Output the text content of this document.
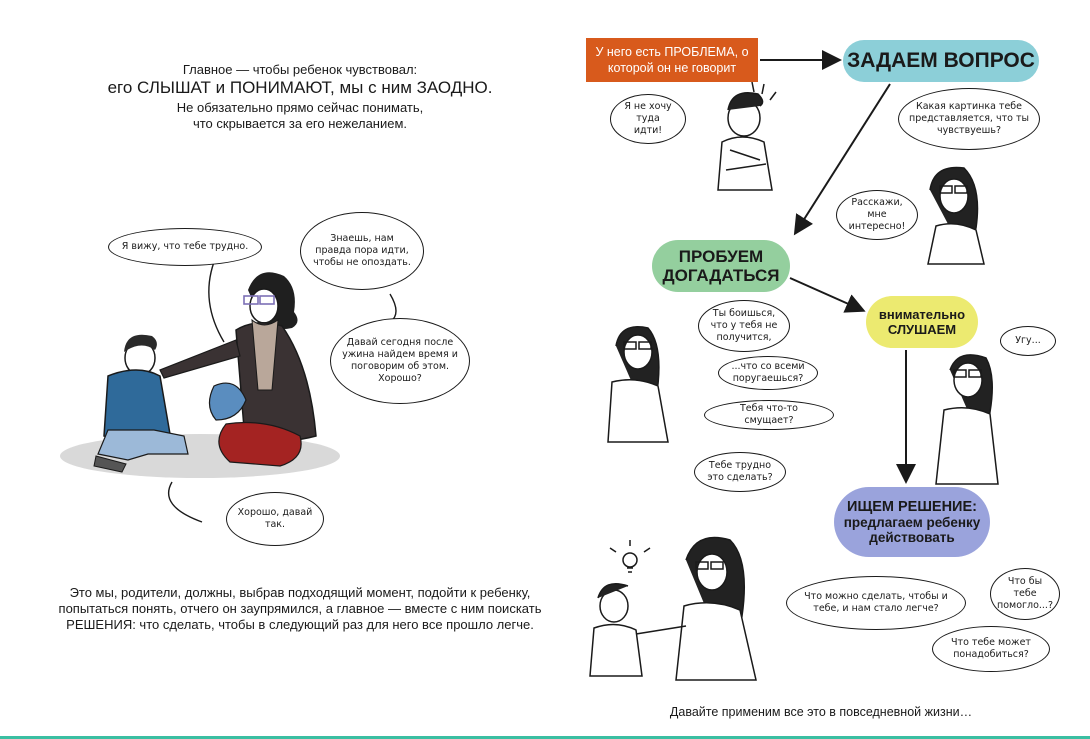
Главное — чтобы ребенок чувствовал:
его СЛЫШАТ и ПОНИМАЮТ, мы с ним ЗАОДНО.
Не обязательно прямо сейчас понимать,
что скрывается за его нежеланием.
Я вижу, что тебе трудно.
Знаешь, нам правда пора идти, чтобы не опоздать.
Давай сегодня после ужина найдем время и поговорим об этом. Хорошо?
Хорошо, давай так.
Это мы, родители, должны, выбрав подходящий момент, подойти к ребенку, попытаться понять, отчего он заупрямился, а главное — вместе с ним поискать РЕШЕНИЯ: что сделать, чтобы в следующий раз для него все прошло легче.
У него есть ПРОБЛЕМА, о которой он не говорит	ЗАДАЕМ ВОПРОС
ПРОБУЕМ ДОГАДАТЬСЯ
внимательно СЛУШАЕМ
ИЩЕМ РЕШЕНИЕ:
предлагаем ребенку действовать
Я не хочу туда идти!
Какая картинка тебе представляется, что ты чувствуешь?
Расскажи, мне интересно!
Ты боишься, что у тебя не получится,
...что со всеми поругаешься?
Тебя что-то смущает?
Тебе трудно это сделать?
Угу...
Что можно сделать, чтобы и тебе, и нам стало легче?
Что бы тебе помогло...?
Что тебе может понадобиться?
Давайте применим все это в повседневной жизни…
